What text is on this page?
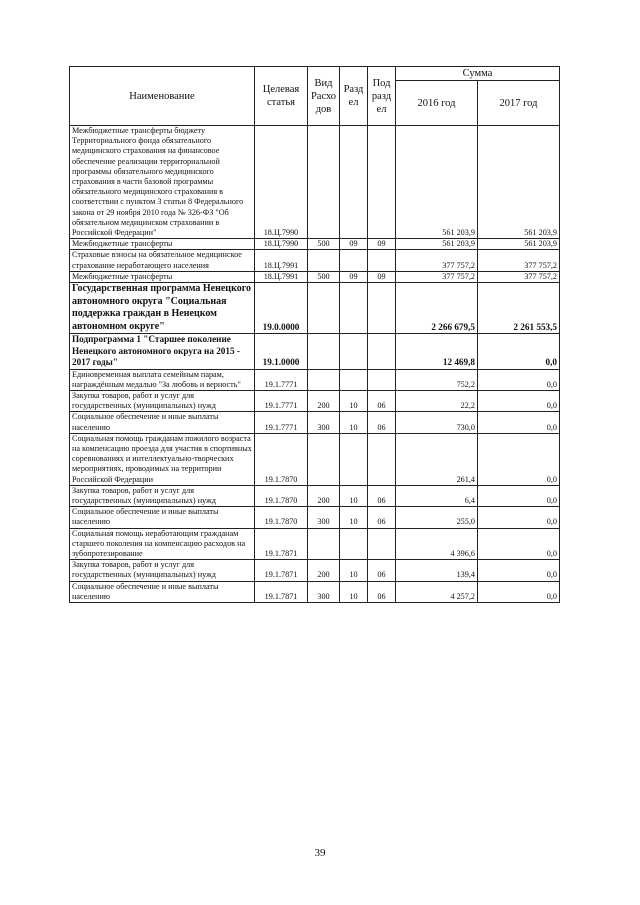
Наименование	Целевая статья	Вид Расхо дов	Разд ел	Под разд ел	Сумма	
					2016 год	2017 год
Межбюджетные трансферты бюджету Территориального фонда обязательного медицинского страхования на финансовое обеспечение реализации территориальной программы обязательного медицинского страхования в части базовой программы обязательного медицинского страхования в соответствии с пунктом 3 статьи 8 Федерального закона от 29 ноября 2010 года № 326-ФЗ "Об обязательном медицинском страховании в Российской Федерации"	18.Ц.7990				561 203,9	561 203,9
Межбюджетные трансферты	18.Ц.7990	500	09	09	561 203,9	561 203,9
Страховые взносы на обязательное медицинское страхование неработающего населения	18.Ц.7991				377 757,2	377 757,2
Межбюджетные трансферты	18.Ц.7991	500	09	09	377 757,2	377 757,2
Государственная программа Ненецкого автономного округа "Социальная поддержка граждан в Ненецком автономном округе"	19.0.0000				2 266 679,5	2 261 553,5
Подпрограмма 1 "Старшее поколение Ненецкого автономного округа на 2015 - 2017 годы"	19.1.0000				12 469,8	0,0
Единовременная выплата семейным парам, награждённым медалью "За любовь и верность"	19.1.7771				752,2	0,0
Закупка товаров, работ и услуг для государственных (муниципальных) нужд	19.1.7771	200	10	06	22,2	0,0
Социальное обеспечение и иные выплаты населению	19.1.7771	300	10	06	730,0	0,0
Социальная помощь гражданам пожилого возраста на компенсацию проезда для участия в спортивных соревнованиях и интеллектуально-творческих мероприятиях, проводимых на территории Российской Федерации	19.1.7870				261,4	0,0
Закупка товаров, работ и услуг для государственных (муниципальных) нужд	19.1.7870	200	10	06	6,4	0,0
Социальное обеспечение и иные выплаты населению	19.1.7870	300	10	06	255,0	0,0
Социальная помощь неработающим гражданам старшего поколения на компенсацию расходов на зубопротезирование	19.1.7871				4 396,6	0,0
Закупка товаров, работ и услуг для государственных (муниципальных) нужд	19.1.7871	200	10	06	139,4	0,0
Социальное обеспечение и иные выплаты населению	19.1.7871	300	10	06	4 257,2	0,0
39
